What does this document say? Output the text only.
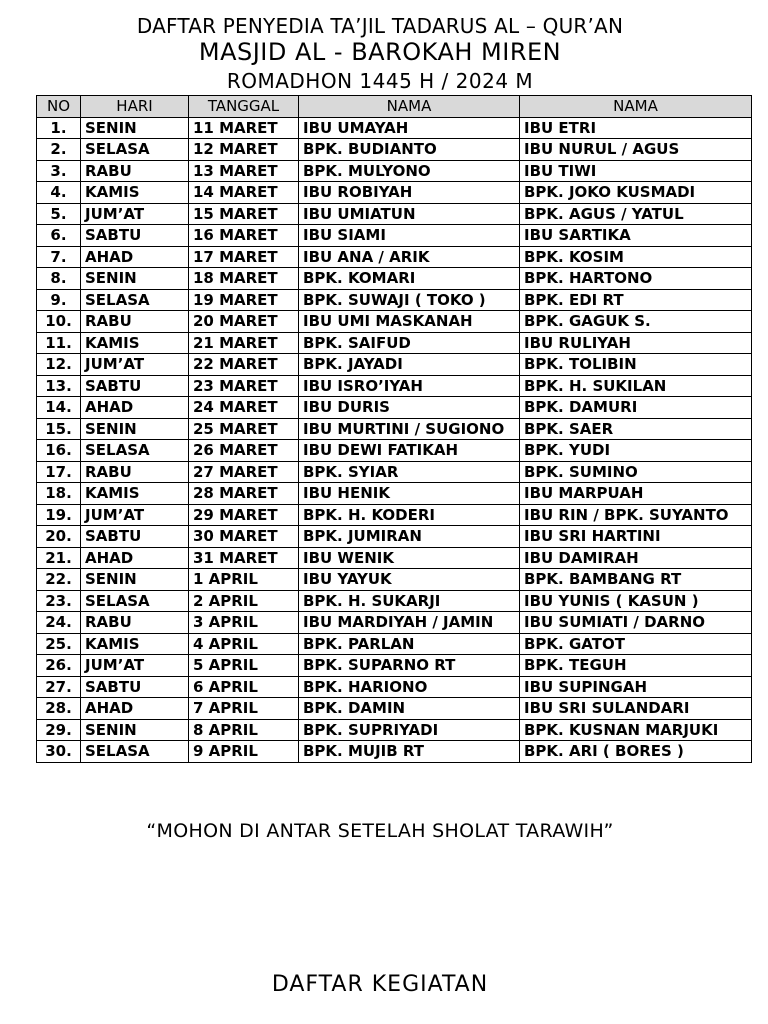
DAFTAR PENYEDIA TA’JIL TADARUS AL – QUR’AN
MASJID AL - BAROKAH MIREN
ROMADHON 1445 H / 2024 M
NO	HARI	TANGGAL	NAMA	NAMA
1.	SENIN	11 MARET	IBU UMAYAH	IBU ETRI
2.	SELASA	12 MARET	BPK. BUDIANTO	IBU NURUL / AGUS
3.	RABU	13 MARET	BPK. MULYONO	IBU TIWI
4.	KAMIS	14 MARET	IBU ROBIYAH	BPK. JOKO KUSMADI
5.	JUM’AT	15 MARET	IBU UMIATUN	BPK. AGUS / YATUL
6.	SABTU	16 MARET	IBU SIAMI	IBU SARTIKA
7.	AHAD	17 MARET	IBU ANA / ARIK	BPK. KOSIM
8.	SENIN	18 MARET	BPK. KOMARI	BPK. HARTONO
9.	SELASA	19 MARET	BPK. SUWAJI ( TOKO )	BPK. EDI RT
10.	RABU	20 MARET	IBU UMI MASKANAH	BPK. GAGUK S.
11.	KAMIS	21 MARET	BPK. SAIFUD	IBU RULIYAH
12.	JUM’AT	22 MARET	BPK. JAYADI	BPK. TOLIBIN
13.	SABTU	23 MARET	IBU ISRO’IYAH	BPK. H. SUKILAN
14.	AHAD	24 MARET	IBU DURIS	BPK. DAMURI
15.	SENIN	25 MARET	IBU MURTINI / SUGIONO	BPK. SAER
16.	SELASA	26 MARET	IBU DEWI FATIKAH	BPK. YUDI
17.	RABU	27 MARET	BPK. SYIAR	BPK. SUMINO
18.	KAMIS	28 MARET	IBU HENIK	IBU MARPUAH
19.	JUM’AT	29 MARET	BPK. H. KODERI	IBU RIN / BPK. SUYANTO
20.	SABTU	30 MARET	BPK. JUMIRAN	IBU SRI HARTINI
21.	AHAD	31 MARET	IBU WENIK	IBU DAMIRAH
22.	SENIN	1 APRIL	IBU YAYUK	BPK. BAMBANG RT
23.	SELASA	2 APRIL	BPK. H. SUKARJI	IBU YUNIS ( KASUN )
24.	RABU	3 APRIL	IBU MARDIYAH / JAMIN	IBU SUMIATI / DARNO
25.	KAMIS	4 APRIL	BPK. PARLAN	BPK. GATOT
26.	JUM’AT	5 APRIL	BPK. SUPARNO RT	BPK. TEGUH
27.	SABTU	6 APRIL	BPK. HARIONO	IBU SUPINGAH
28.	AHAD	7 APRIL	BPK. DAMIN	IBU SRI SULANDARI
29.	SENIN	8 APRIL	BPK. SUPRIYADI	BPK. KUSNAN MARJUKI
30.	SELASA	9 APRIL	BPK. MUJIB RT	BPK. ARI ( BORES )
“MOHON DI ANTAR SETELAH SHOLAT TARAWIH”
DAFTAR KEGIATAN
